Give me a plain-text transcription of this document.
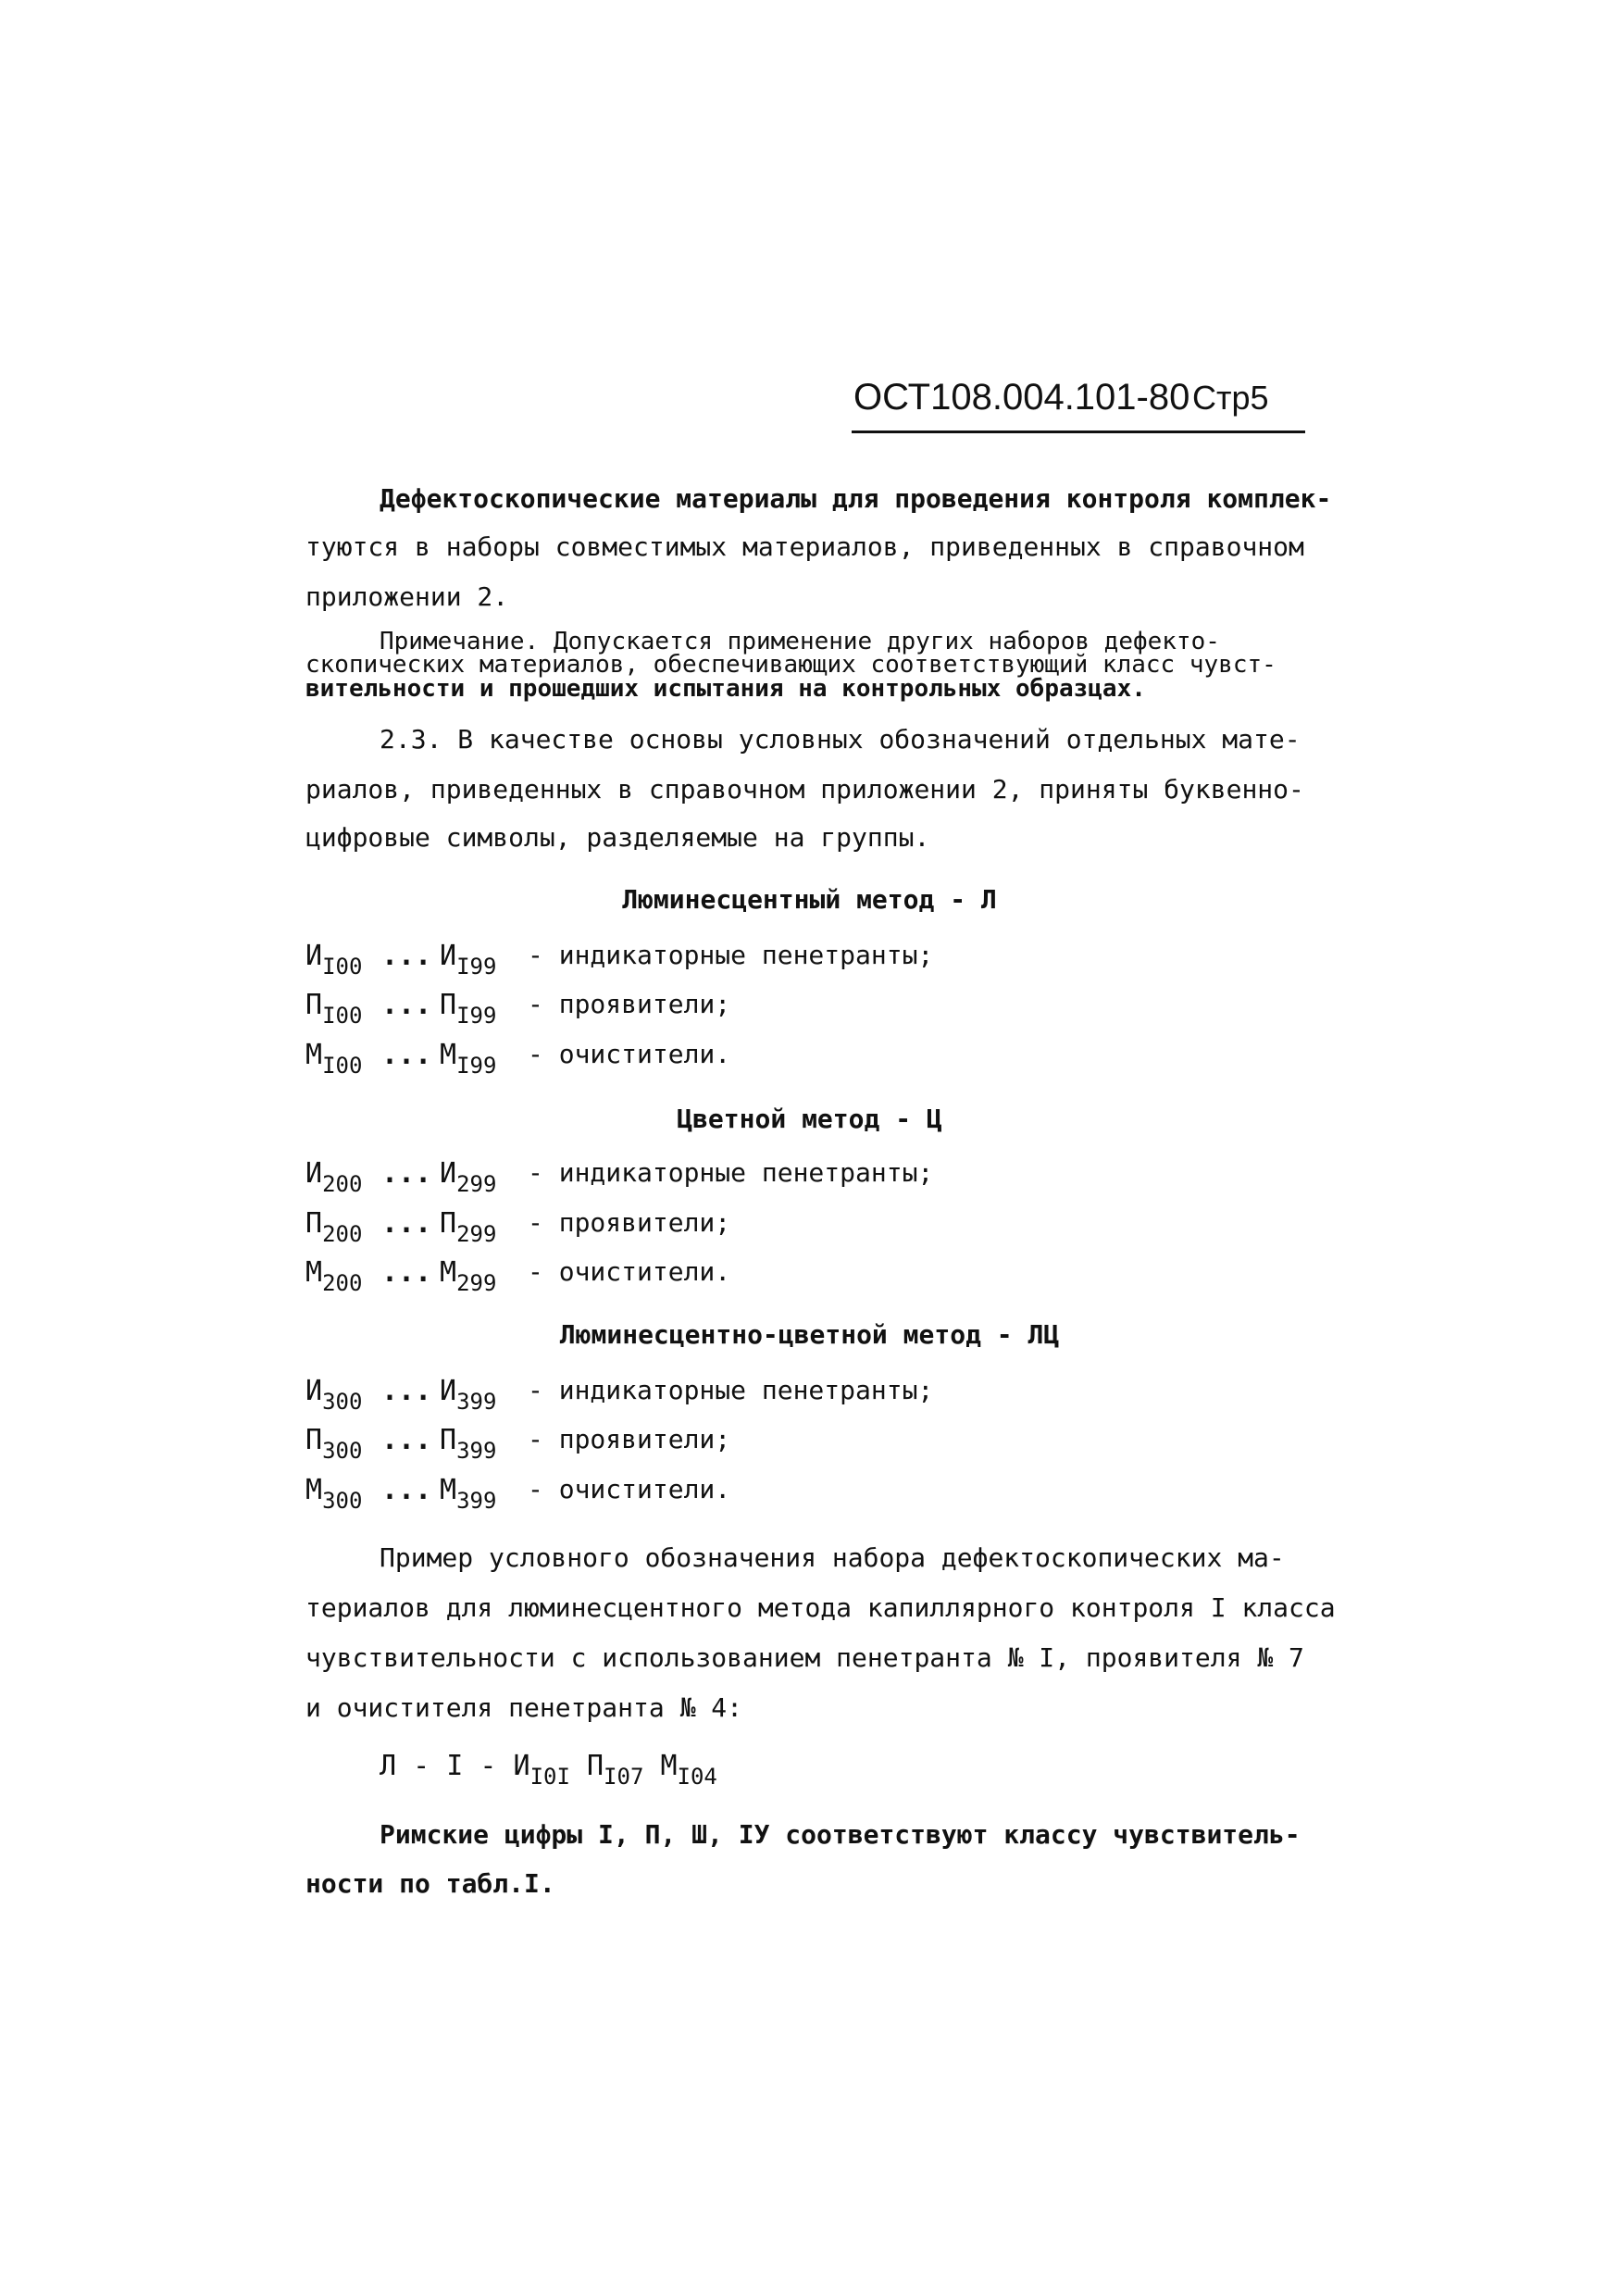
ОСТ108.004.101-80 Стр5
Дефектоскопические материалы для проведения контроля комплек-
туются в наборы совместимых материалов, приведенных в справочном
приложении 2.
Примечание. Допускается применение других наборов дефекто-
скопических материалов, обеспечивающих соответствующий класс чувст-
вительности и прошедших испытания на контрольных образцах.
2.3. В качестве основы условных обозначений отдельных мате-
риалов, приведенных в справочном приложении 2, приняты буквенно-
цифровые символы, разделяемые на группы.
Люминесцентный метод - Л
$И_{I00}$ ... $И_{I99}$ - индикаторные пенетранты;
$П_{I00}$ ... $П_{I99}$ - проявители;
$М_{I00}$ ... $М_{I99}$ - очистители.
Цветной метод - Ц
$И_{200}$ ... $И_{299}$ - индикаторные пенетранты;
$П_{200}$ ... $П_{299}$ - проявители;
$М_{200}$ ... $М_{299}$ - очистители.
Люминесцентно-цветной метод - ЛЦ
$И_{300}$ ... $И_{399}$ - индикаторные пенетранты;
$П_{300}$ ... $П_{399}$ - проявители;
$М_{300}$ ... $М_{399}$ - очистители.
Пример условного обозначения набора дефектоскопических ма-
териалов для люминесцентного метода капиллярного контроля I класса
чувствительности с использованием пенетранта № I, проявителя № 7
и очистителя пенетранта № 4:
Л - I - $И_{I0I}$ $П_{I07}$ $М_{I04}$
Римские цифры I, П, Ш, IУ соответствуют классу чувствитель-
ности по табл.I.
